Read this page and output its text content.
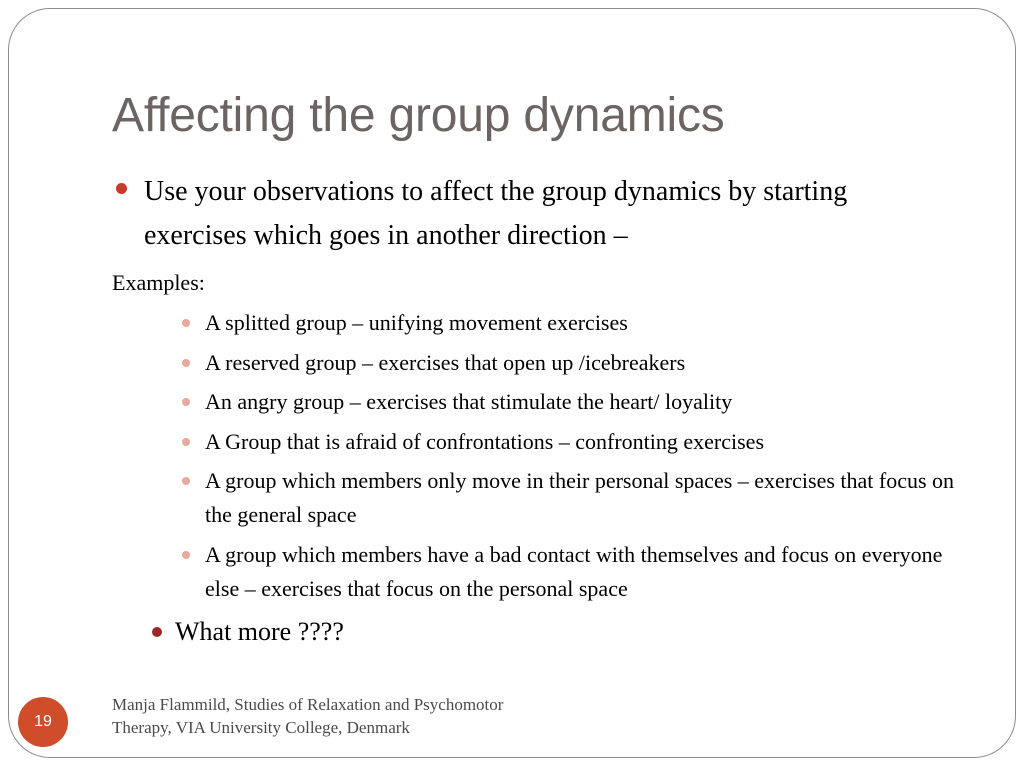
Affecting the group dynamics
Use your observations to affect the group dynamics by starting exercises which goes in another direction –
Examples:
A splitted group – unifying movement exercises
A reserved group – exercises that open up /icebreakers
An angry group – exercises that stimulate the heart/ loyality
A Group that is afraid of confrontations – confronting exercises
A group which members only move in their personal spaces – exercises that focus on the general space
A group which members have a bad contact with themselves and focus on everyone else – exercises that focus on the personal space
What more ????
19
Manja Flammild, Studies of Relaxation and Psychomotor Therapy, VIA University College, Denmark
